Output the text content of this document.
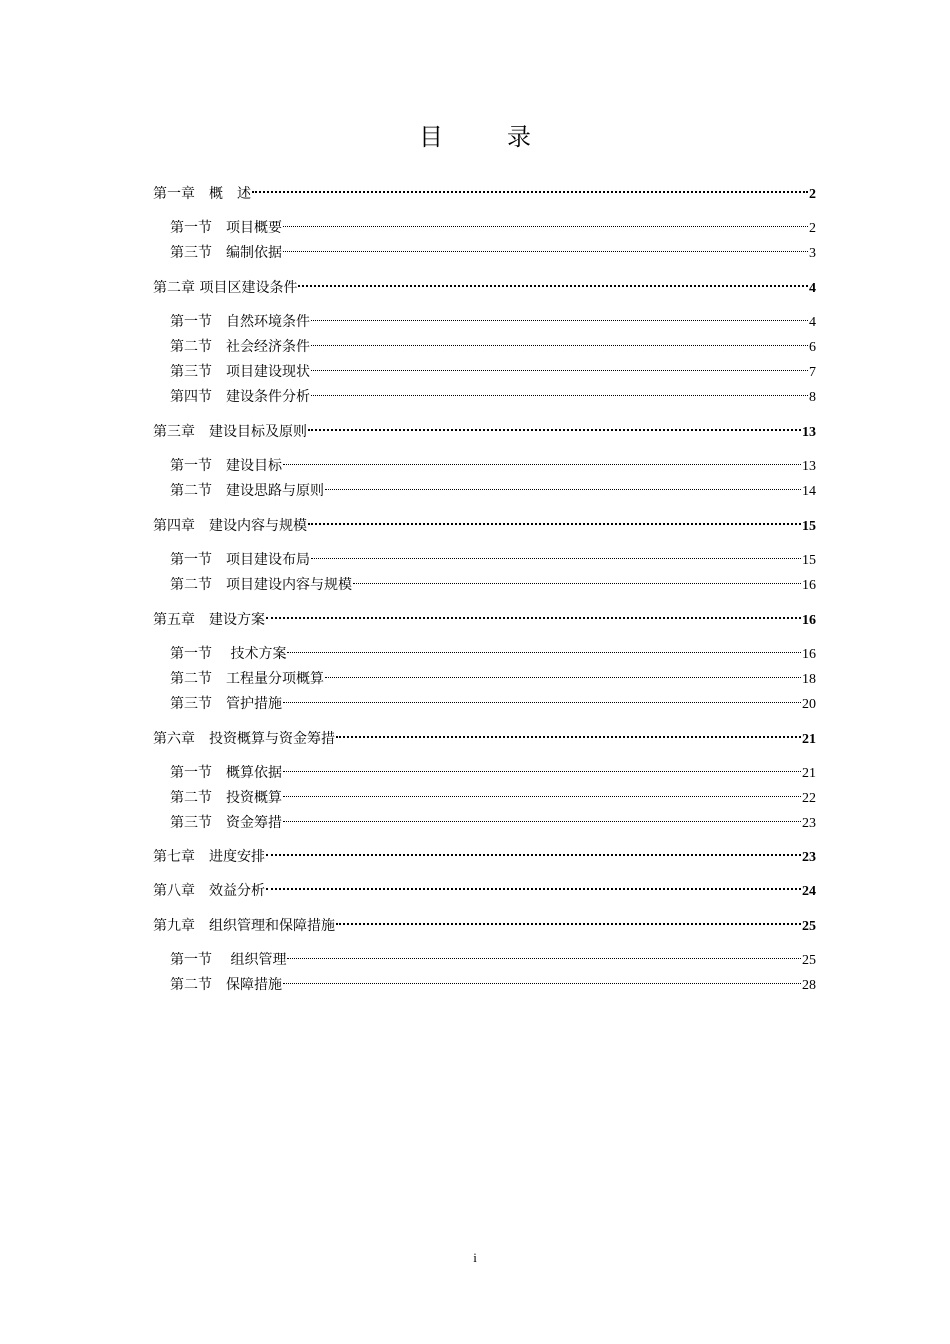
目	录
第一章　概　述	2
第一节　项目概要	2
第三节　编制依据	3
第二章 项目区建设条件	4
第一节　自然环境条件	4
第二节　社会经济条件	6
第三节　项目建设现状	7
第四节　建设条件分析	8
第三章　建设目标及原则	13
第一节　建设目标	13
第二节　建设思路与原则	14
第四章　建设内容与规模	15
第一节　项目建设布局	15
第二节　项目建设内容与规模	16
第五章　建设方案	16
第一节 　技术方案	16
第二节　工程量分项概算	18
第三节　管护措施	20
第六章　投资概算与资金筹措	21
第一节　概算依据	21
第二节　投资概算	22
第三节　资金筹措	23
第七章　进度安排	23
第八章　效益分析	24
第九章　组织管理和保障措施	25
第一节 　组织管理	25
第二节　保障措施	28
i
